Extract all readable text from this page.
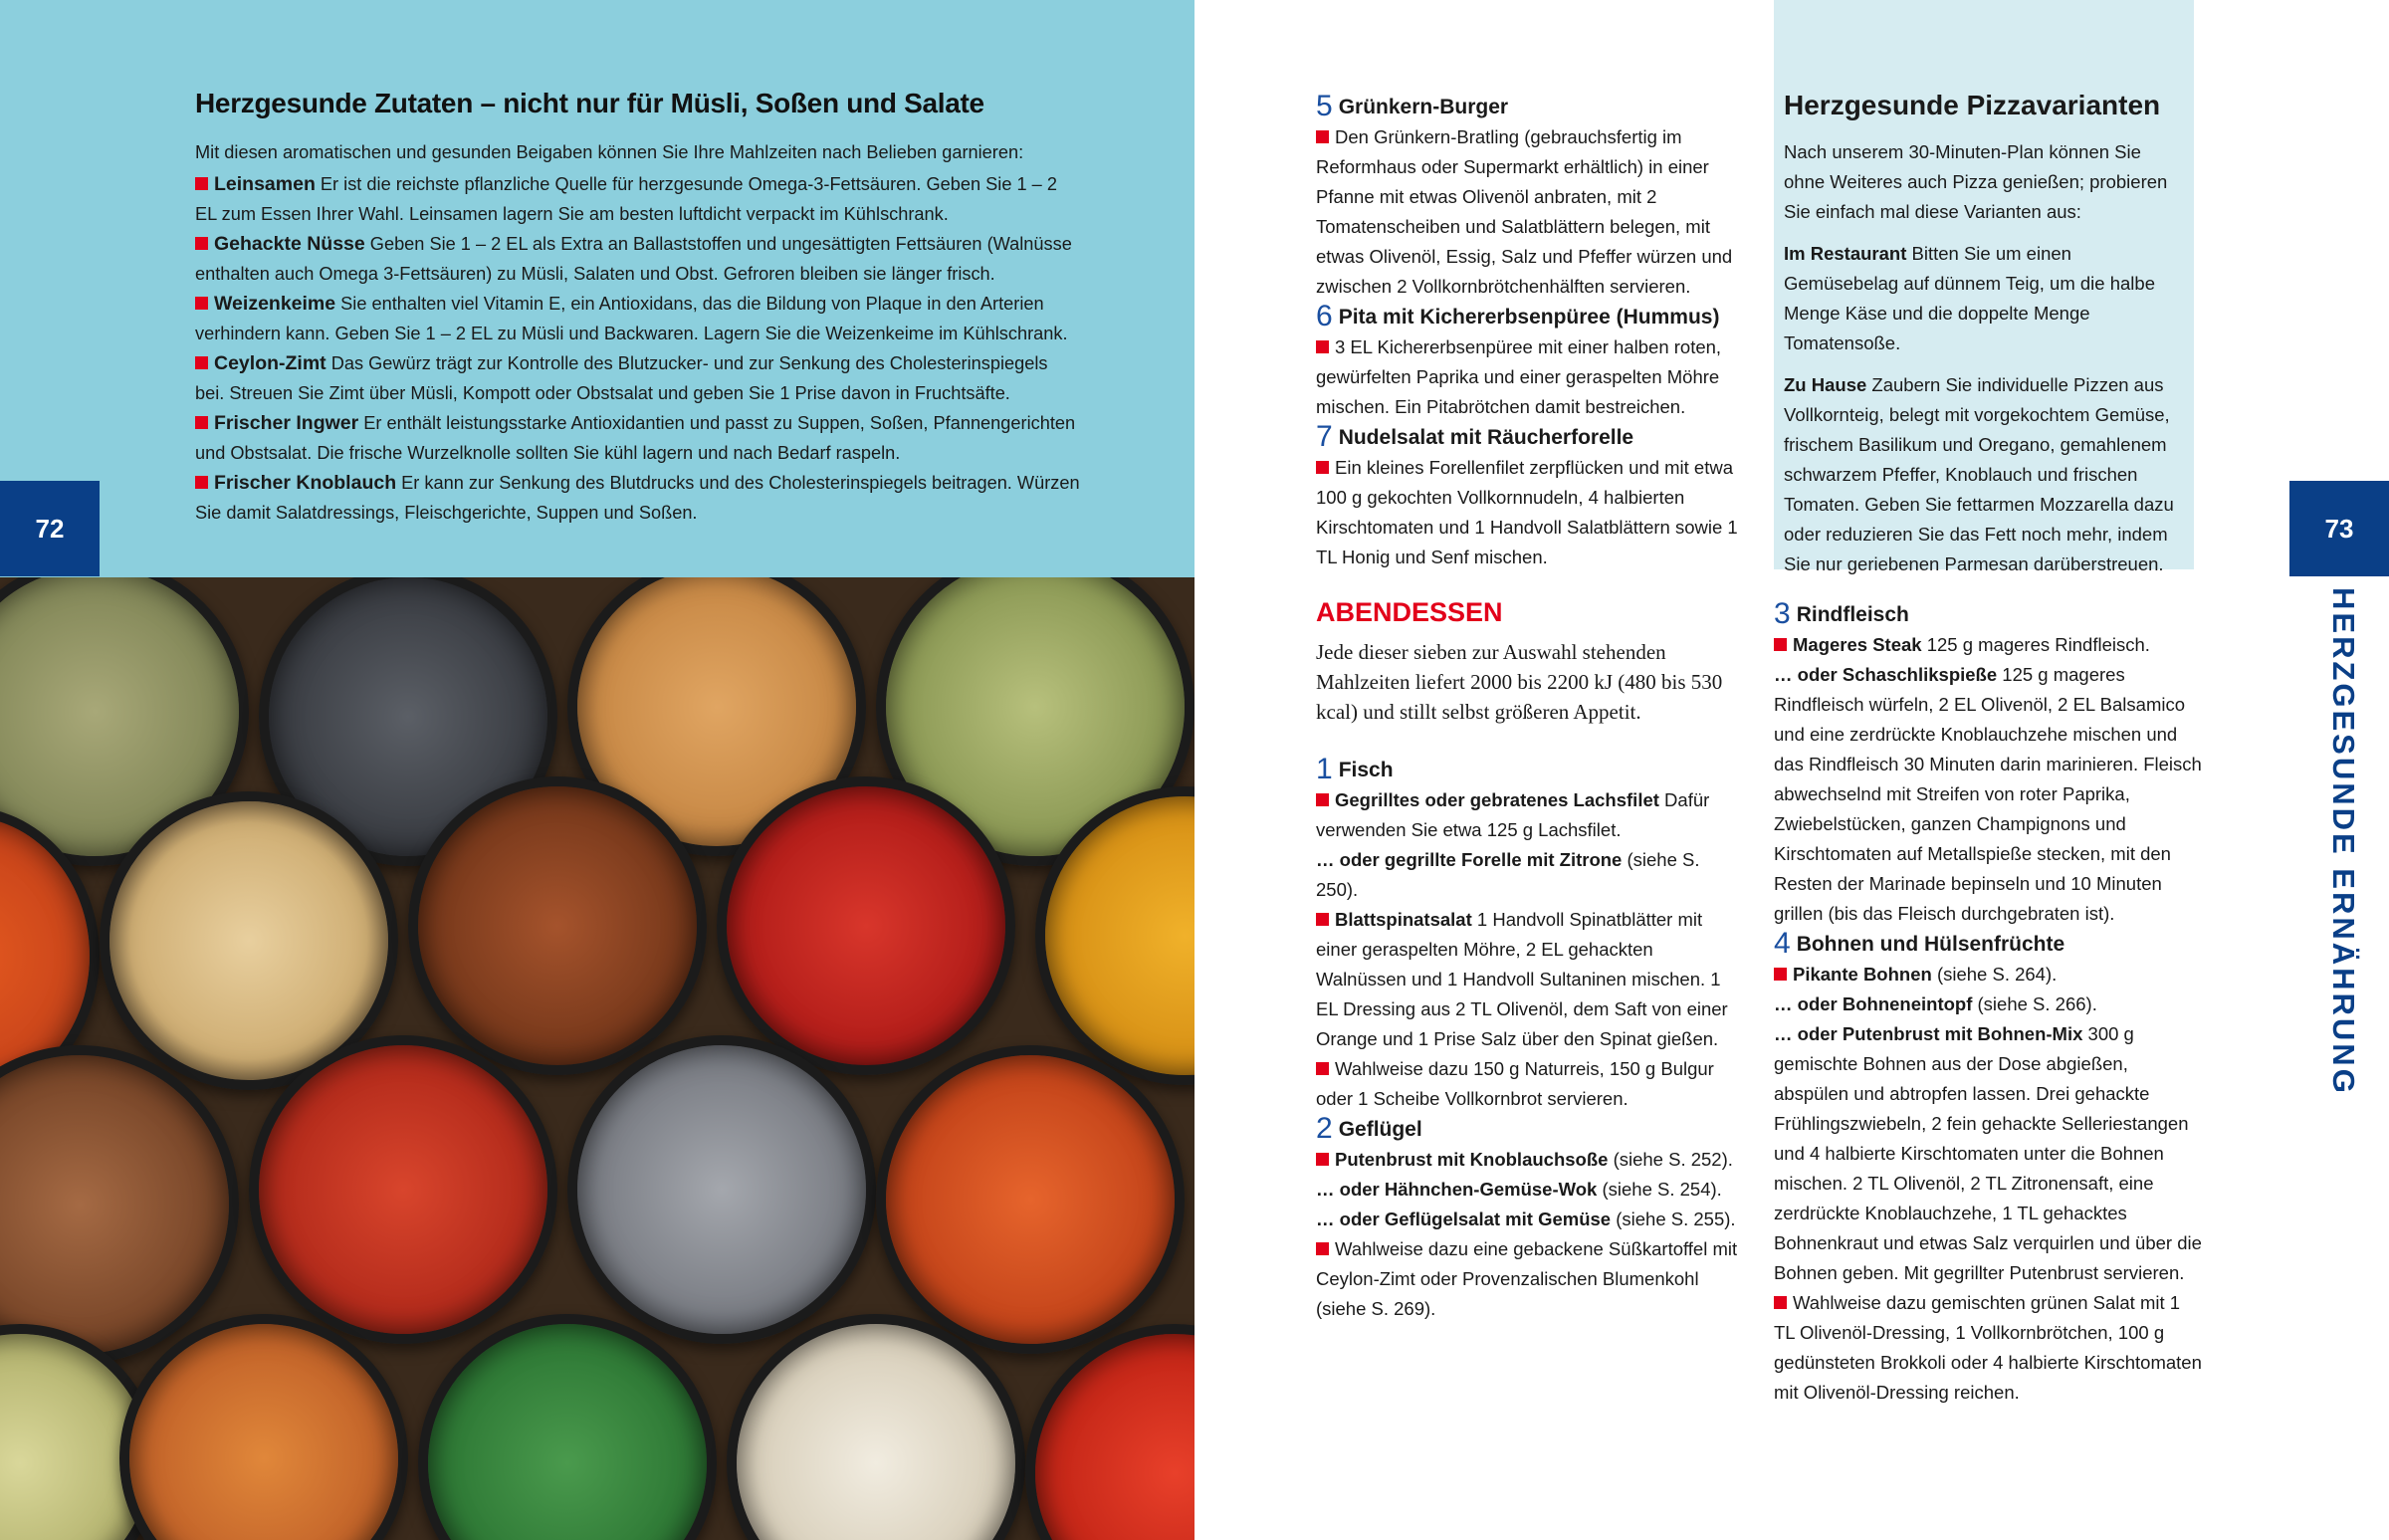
Herzgesunde Zutaten – nicht nur für Müsli, Soßen und Salate
Mit diesen aromatischen und gesunden Beigaben können Sie Ihre Mahlzeiten nach Belieben garnieren:

Leinsamen Er ist die reichste pflanzliche Quelle für herzgesunde Omega-3-Fettsäuren. Geben Sie 1 – 2 EL zum Essen Ihrer Wahl. Leinsamen lagern Sie am besten luftdicht verpackt im Kühlschrank.

Gehackte Nüsse Geben Sie 1 – 2 EL als Extra an Ballaststoffen und ungesättigten Fettsäuren (Walnüsse enthalten auch Omega 3-Fettsäuren) zu Müsli, Salaten und Obst. Gefroren bleiben sie länger frisch.

Weizenkeime Sie enthalten viel Vitamin E, ein Antioxidans, das die Bildung von Plaque in den Arterien verhindern kann. Geben Sie 1 – 2 EL zu Müsli und Backwaren. Lagern Sie die Weizenkeime im Kühlschrank.

Ceylon-Zimt Das Gewürz trägt zur Kontrolle des Blutzucker- und zur Senkung des Cholesterinspiegels bei. Streuen Sie Zimt über Müsli, Kompott oder Obstsalat und geben Sie 1 Prise davon in Fruchtsäfte.

Frischer Ingwer Er enthält leistungsstarke Antioxidantien und passt zu Suppen, Soßen, Pfannengerichten und Obstsalat. Die frische Wurzelknolle sollten Sie kühl lagern und nach Bedarf raspeln.

Frischer Knoblauch Er kann zur Senkung des Blutdrucks und des Cholesterinspiegels beitragen. Würzen Sie damit Salatdressings, Fleischgerichte, Suppen und Soßen.

72

5 Grünkern-Burger

Den Grünkern-Bratling (gebrauchsfertig im Reformhaus oder Supermarkt erhältlich) in einer Pfanne mit etwas Olivenöl anbraten, mit 2 Tomatenscheiben und Salatblättern belegen, mit etwas Olivenöl, Essig, Salz und Pfeffer würzen und zwischen 2 Vollkornbrötchenhälften servieren.

6 Pita mit Kichererbsenpüree (Hummus)

3 EL Kichererbsenpüree mit einer halben roten, gewürfelten Paprika und einer geraspelten Möhre mischen. Ein Pitabrötchen damit bestreichen.

7 Nudelsalat mit Räucherforelle

Ein kleines Forellenfilet zerpflücken und mit etwa 100 g gekochten Vollkornnudeln, 4 halbierten Kirschtomaten und 1 Handvoll Salatblättern sowie 1 TL Honig und Senf mischen.

ABENDESSEN
Jede dieser sieben zur Auswahl stehenden Mahlzeiten liefert 2000 bis 2200 kJ (480 bis 530 kcal) und stillt selbst größeren Appetit.

1 Fisch

Gegrilltes oder gebratenes Lachsfilet Dafür verwenden Sie etwa 125 g Lachsfilet.

… oder gegrillte Forelle mit Zitrone (siehe S. 250).

Blattspinatsalat 1 Handvoll Spinatblätter mit einer geraspelten Möhre, 2 EL gehackten Walnüssen und 1 Handvoll Sultaninen mischen. 1 EL Dressing aus 2 TL Olivenöl, dem Saft von einer Orange und 1 Prise Salz über den Spinat gießen.

Wahlweise dazu 150 g Naturreis, 150 g Bulgur oder 1 Scheibe Vollkornbrot servieren.

2 Geflügel

Putenbrust mit Knoblauchsoße (siehe S. 252).

… oder Hähnchen-Gemüse-Wok (siehe S. 254).

… oder Geflügelsalat mit Gemüse (siehe S. 255).

Wahlweise dazu eine gebackene Süßkartoffel mit Ceylon-Zimt oder Provenzalischen Blumenkohl (siehe S. 269).

Herzgesunde Pizzavarianten

Nach unserem 30-Minuten-Plan können Sie ohne Weiteres auch Pizza genießen; probieren Sie einfach mal diese Varianten aus:

Im Restaurant Bitten Sie um einen Gemüsebelag auf dünnem Teig, um die halbe Menge Käse und die doppelte Menge Tomatensoße.

Zu Hause Zaubern Sie individuelle Pizzen aus Vollkornteig, belegt mit vorgekochtem Gemüse, frischem Basilikum und Oregano, gemahlenem schwarzem Pfeffer, Knoblauch und frischen Tomaten. Geben Sie fettarmen Mozzarella dazu oder reduzieren Sie das Fett noch mehr, indem Sie nur geriebenen Parmesan darüberstreuen.

3 Rindfleisch

Mageres Steak 125 g mageres Rindfleisch.

… oder Schaschlikspieße 125 g mageres Rindfleisch würfeln, 2 EL Olivenöl, 2 EL Balsamico und eine zerdrückte Knoblauchzehe mischen und das Rindfleisch 30 Minuten darin marinieren. Fleisch abwechselnd mit Streifen von roter Paprika, Zwiebelstücken, ganzen Champignons und Kirschtomaten auf Metallspieße stecken, mit den Resten der Marinade bepinseln und 10 Minuten grillen (bis das Fleisch durchgebraten ist).

4 Bohnen und Hülsenfrüchte

Pikante Bohnen (siehe S. 264).

… oder Bohneneintopf (siehe S. 266).

… oder Putenbrust mit Bohnen-Mix 300 g gemischte Bohnen aus der Dose abgießen, abspülen und abtropfen lassen. Drei gehackte Frühlingszwiebeln, 2 fein gehackte Selleriestangen und 4 halbierte Kirschtomaten unter die Bohnen mischen. 2 TL Olivenöl, 2 TL Zitronensaft, eine zerdrückte Knoblauchzehe, 1 TL gehacktes Bohnenkraut und etwas Salz verquirlen und über die Bohnen geben. Mit gegrillter Putenbrust servieren.

Wahlweise dazu gemischten grünen Salat mit 1 TL Olivenöl-Dressing, 1 Vollkornbrötchen, 100 g gedünsteten Brokkoli oder 4 halbierte Kirschtomaten mit Olivenöl-Dressing reichen.

73
HERZGESUNDE ERNÄHRUNG
